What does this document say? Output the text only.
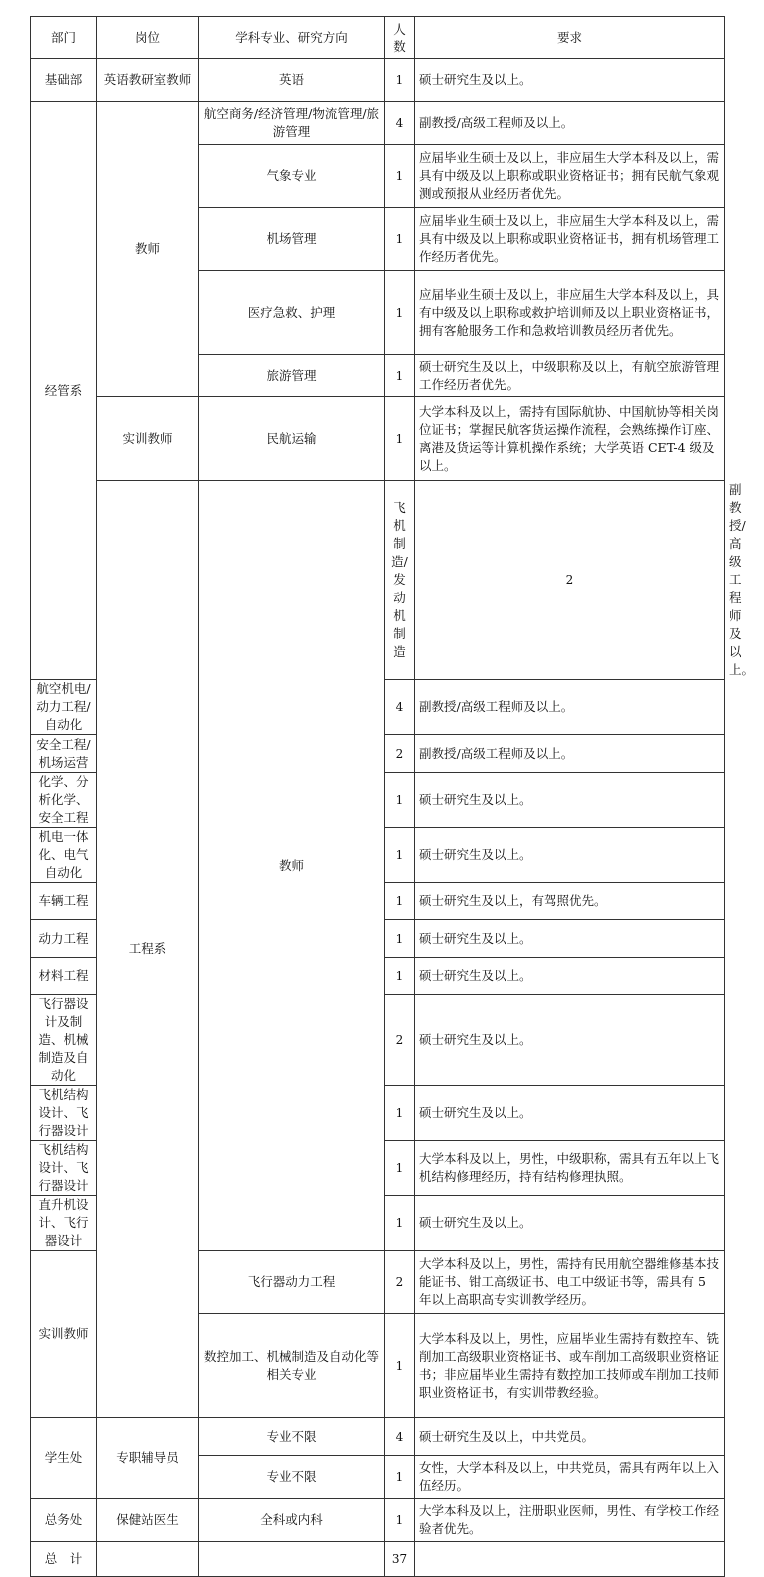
部门	岗位	学科专业、研究方向	人数	要求	
基础部	英语教研室教师	英语	1	硕士研究生及以上。	
经管系	教师	航空商务/经济管理/物流管理/旅游管理	4	副教授/高级工程师及以上。	
		气象专业	1	应届毕业生硕士及以上，非应届生大学本科及以上，需具有中级及以上职称或职业资格证书；拥有民航气象观测或预报从业经历者优先。	
		机场管理	1	应届毕业生硕士及以上，非应届生大学本科及以上，需具有中级及以上职称或职业资格证书，拥有机场管理工作经历者优先。	
		医疗急救、护理	1	应届毕业生硕士及以上，非应届生大学本科及以上，具有中级及以上职称或救护培训师及以上职业资格证书，拥有客舱服务工作和急救培训教员经历者优先。	
		旅游管理	1	硕士研究生及以上，中级职称及以上，有航空旅游管理工作经历者优先。	
	实训教师	民航运输	1	大学本科及以上，需持有国际航协、中国航协等相关岗位证书；掌握民航客货运操作流程，会熟练操作订座、离港及货运等计算机操作系统；大学英语 CET-4 级及以上。	
	工程系	教师	飞机制造/发动机制造	2	副教授/高级工程师及以上。
航空机电/动力工程/自动化			4	副教授/高级工程师及以上。	
安全工程/机场运营			2	副教授/高级工程师及以上。	
化学、分析化学、安全工程			1	硕士研究生及以上。	
机电一体化、电气自动化			1	硕士研究生及以上。	
车辆工程			1	硕士研究生及以上，有驾照优先。	
动力工程			1	硕士研究生及以上。	
材料工程			1	硕士研究生及以上。	
飞行器设计及制造、机械制造及自动化			2	硕士研究生及以上。	
飞机结构设计、飞行器设计			1	硕士研究生及以上。	
飞机结构设计、飞行器设计			1	大学本科及以上，男性，中级职称，需具有五年以上飞机结构修理经历，持有结构修理执照。	
直升机设计、飞行器设计			1	硕士研究生及以上。	
实训教师		飞行器动力工程	2	大学本科及以上，男性，需持有民用航空器维修基本技能证书、钳工高级证书、电工中级证书等，需具有 5 年以上高职高专实训教学经历。	
		数控加工、机械制造及自动化等相关专业	1	大学本科及以上，男性，应届毕业生需持有数控车、铣削加工高级职业资格证书、或车削加工高级职业资格证书；非应届毕业生需持有数控加工技师或车削加工技师职业资格证书，有实训带教经验。	
学生处	专职辅导员	专业不限	4	硕士研究生及以上，中共党员。	
		专业不限	1	女性，大学本科及以上，中共党员，需具有两年以上入伍经历。	
总务处	保健站医生	全科或内科	1	大学本科及以上，注册职业医师，男性、有学校工作经验者优先。	
总　计			37		
